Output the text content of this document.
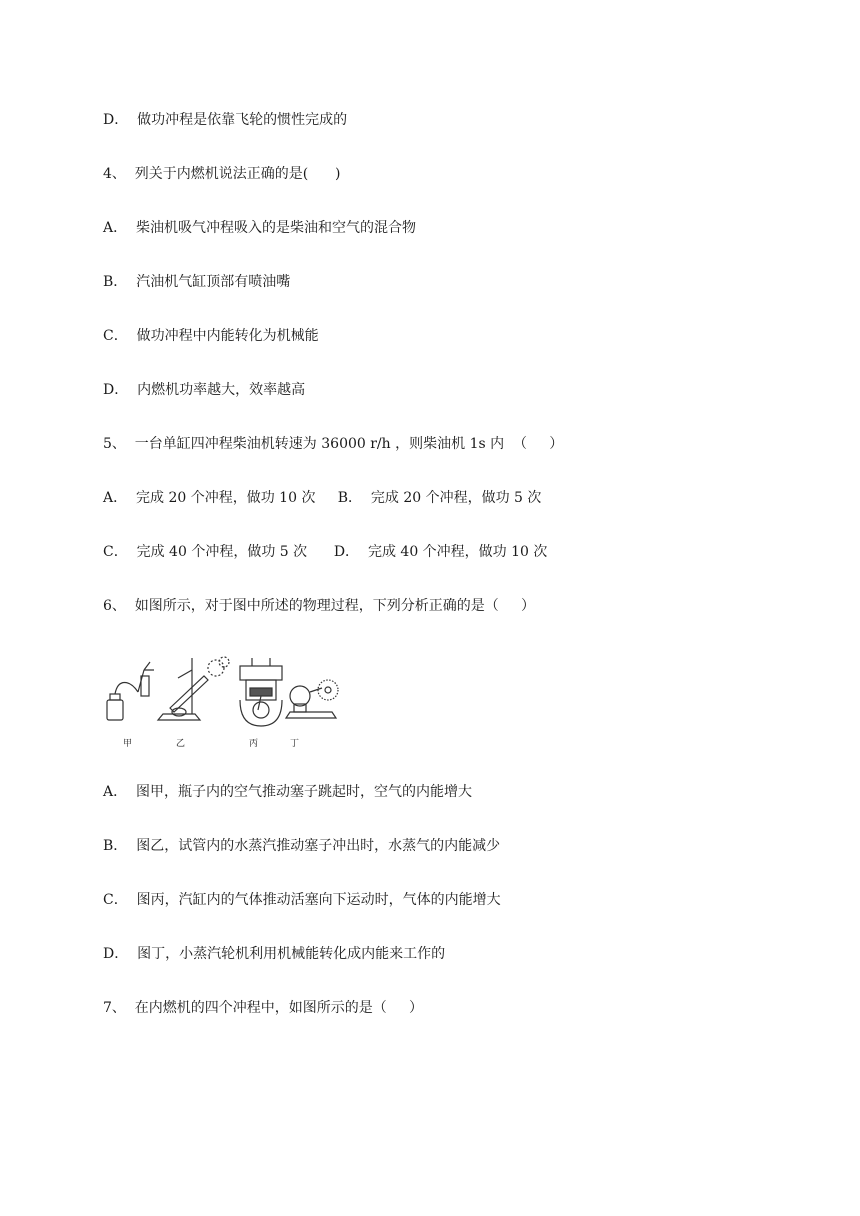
D．  做功冲程是依靠飞轮的惯性完成的
4、  列关于内燃机说法正确的是(      )
A．  柴油机吸气冲程吸入的是柴油和空气的混合物
B．  汽油机气缸顶部有喷油嘴
C．  做功冲程中内能转化为机械能
D．  内燃机功率越大，效率越高
5、  一台单缸四冲程柴油机转速为 36000 r/h ，则柴油机 1s 内  （     ）
A．  完成 20 个冲程，做功 10 次     B．  完成 20 个冲程，做功 5 次
C．  完成 40 个冲程，做功 5 次      D．  完成 40 个冲程，做功 10 次
6、  如图所示，对于图中所述的物理过程，下列分析正确的是（     ）
甲	乙	丙	丁
A．  图甲，瓶子内的空气推动塞子跳起时，空气的内能增大
B．  图乙，试管内的水蒸汽推动塞子冲出时，水蒸气的内能减少
C．  图丙，汽缸内的气体推动活塞向下运动时，气体的内能增大
D．  图丁，小蒸汽轮机利用机械能转化成内能来工作的
7、  在内燃机的四个冲程中，如图所示的是（     ）
